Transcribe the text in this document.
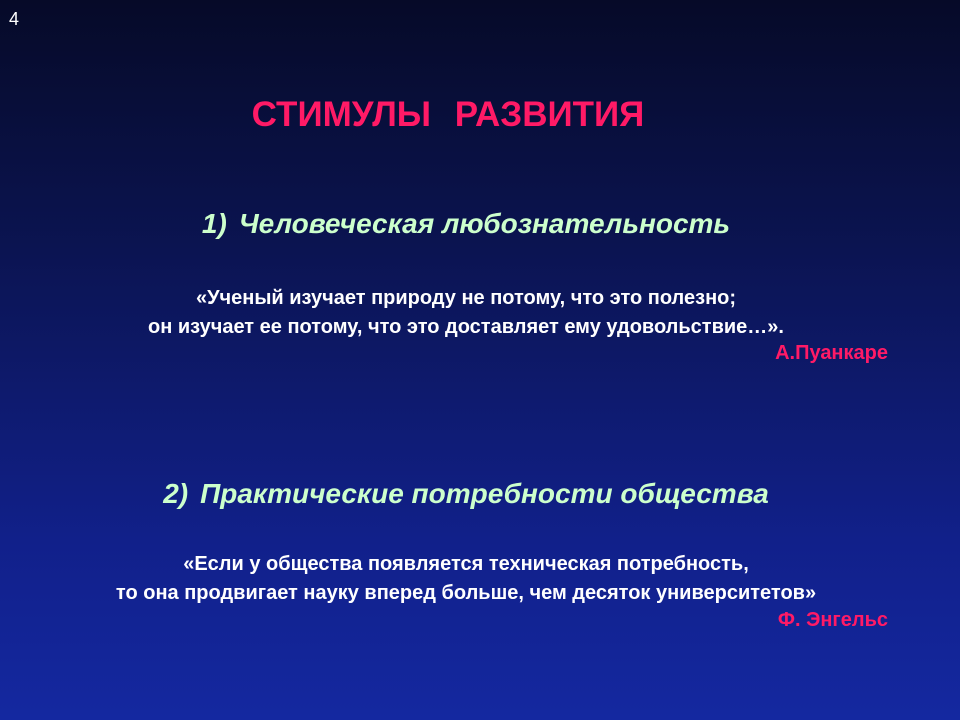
4
СТИМУЛЫ РАЗВИТИЯ
1) Человеческая любознательность
«Ученый изучает природу не потому, что это полезно;
он изучает ее потому, что это доставляет ему удовольствие…».
А.Пуанкаре
2) Практические потребности общества
«Если у общества появляется техническая потребность,
то она продвигает науку вперед больше, чем десяток университетов»
Ф. Энгельс
